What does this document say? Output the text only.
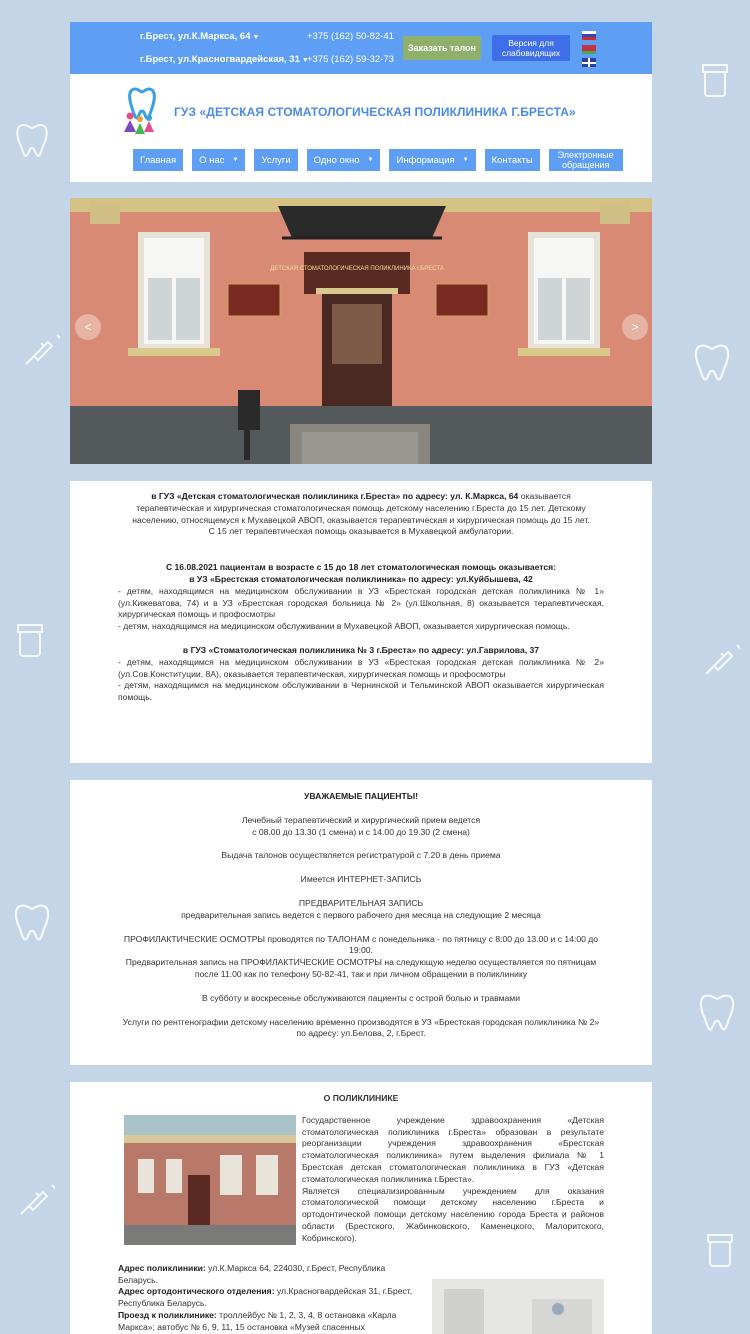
г.Брест, ул.К.Маркса, 64 ▼
г.Брест, ул.Красногвардейская, 31 ▼
+375 (162) 50-82-41
+375 (162) 59-32-73
Заказать талон	Версия для слабовидящих
ГУЗ «ДЕТСКАЯ СТОМАТОЛОГИЧЕСКАЯ ПОЛИКЛИНИКА Г.БРЕСТА»
Главная О нас ▼ Услуги Одно окно ▼ Информация ▼ Контакты	Электронные обращения
ДЕТСКАЯ СТОМАТОЛОГИЧЕСКАЯ ПОЛИКЛИНИКА г.БРЕСТА
<	>

в ГУЗ «Детская стоматологическая поликлиника г.Бреста» по адресу: ул. К.Маркса, 64 оказывается терапевтическая и хирургическая стоматологическая помощь детскому населению г.Бреста до 15 лет. Детскому населению, относящемуся к Мухавецкой АВОП, оказывается терапевтическая и хирургическая помощь до 15 лет.

С 15 лет терапевтическая помощь оказывается в Мухавецкой амбулатории.

С 16.08.2021 пациентам в возрасте с 15 до 18 лет стоматологическая помощь оказывается:

в УЗ «Брестская стоматологическая поликлиника» по адресу: ул.Куйбышева, 42

- детям, находящимся на медицинском обслуживании в УЗ «Брестская городская детская поликлиника № 1» (ул.Кижеватова, 74) и в УЗ «Брестская городская больница № 2» (ул.Школьная, 8) оказывается терапевтическая, хирургическая помощь и профосмотры

- детям, находящимся на медицинском обслуживании в Мухавецкой АВОП, оказывается хирургическая помощь.

в ГУЗ «Стоматологическая поликлиника № 3 г.Бреста» по адресу: ул.Гаврилова, 37

- детям, находящимся на медицинском обслуживании в УЗ «Брестская городская детская поликлиника № 2» (ул.Сов.Конституции, 8А), оказывается терапевтическая, хирургическая помощь и профосмотры

- детям, находящимся на медицинском обслуживании в Чернинской и Тельминской АВОП оказывается хирургическая помощь.

УВАЖАЕМЫЕ ПАЦИЕНТЫ!

Лечебный терапевтический и хирургический прием ведется

с 08.00 до 13.30 (1 смена) и с 14.00 до 19.30 (2 смена)

Выдача талонов осуществляется регистратурой с 7.20 в день приема

Имеется ИНТЕРНЕТ-ЗАПИСЬ

ПРЕДВАРИТЕЛЬНАЯ ЗАПИСЬ

предварительная запись ведется с первого рабочего дня месяца на следующие 2 месяца

ПРОФИЛАКТИЧЕСКИЕ ОСМОТРЫ проводятся по ТАЛОНАМ с понедельника - по пятницу с 8:00 до 13.00 и с 14:00 до 19:00.

Предварительная запись на ПРОФИЛАКТИЧЕСКИЕ ОСМОТРЫ на следующую неделю осуществляется по пятницам после 11.00 как по телефону 50-82-41, так и при личном обращении в поликлинику

В субботу и воскресенье обслуживаются пациенты с острой болью и травмами

Услуги по рентгенографии детскому населению временно производятся в УЗ «Брестская городская поликлиника № 2» по адресу: ул.Белова, 2, г.Брест.

О ПОЛИКЛИНИКЕ

Государственное учреждение здравоохранения «Детская стоматологическая поликлиника г.Бреста» образован в результате реорганизации учреждения здравоохранения «Брестская стоматологическая поликлиника» путем выделения филиала № 1 Брестская детская стоматологическая поликлиника в ГУЗ «Детская стоматологическая поликлиника г.Бреста».

Является специализированным учреждением для оказания стоматологической помощи детскому населению г.Бреста и ортодонтической помощи детскому населению города Бреста и районов области (Брестского, Жабинковского, Каменецкого, Малоритского, Кобринского).

Адрес поликлиники: ул.К.Маркса 64, 224030, г.Брест, Республика Беларусь.

Адрес ортодонтического отделения: ул.Красногвардейская 31, г.Брест, Республика Беларусь.

Проезд к поликлинике: троллейбус № 1, 2, 3, 4, 8 остановка «Карла Маркса»; автобус № 6, 9, 11, 15 остановка «Музей спасенных
